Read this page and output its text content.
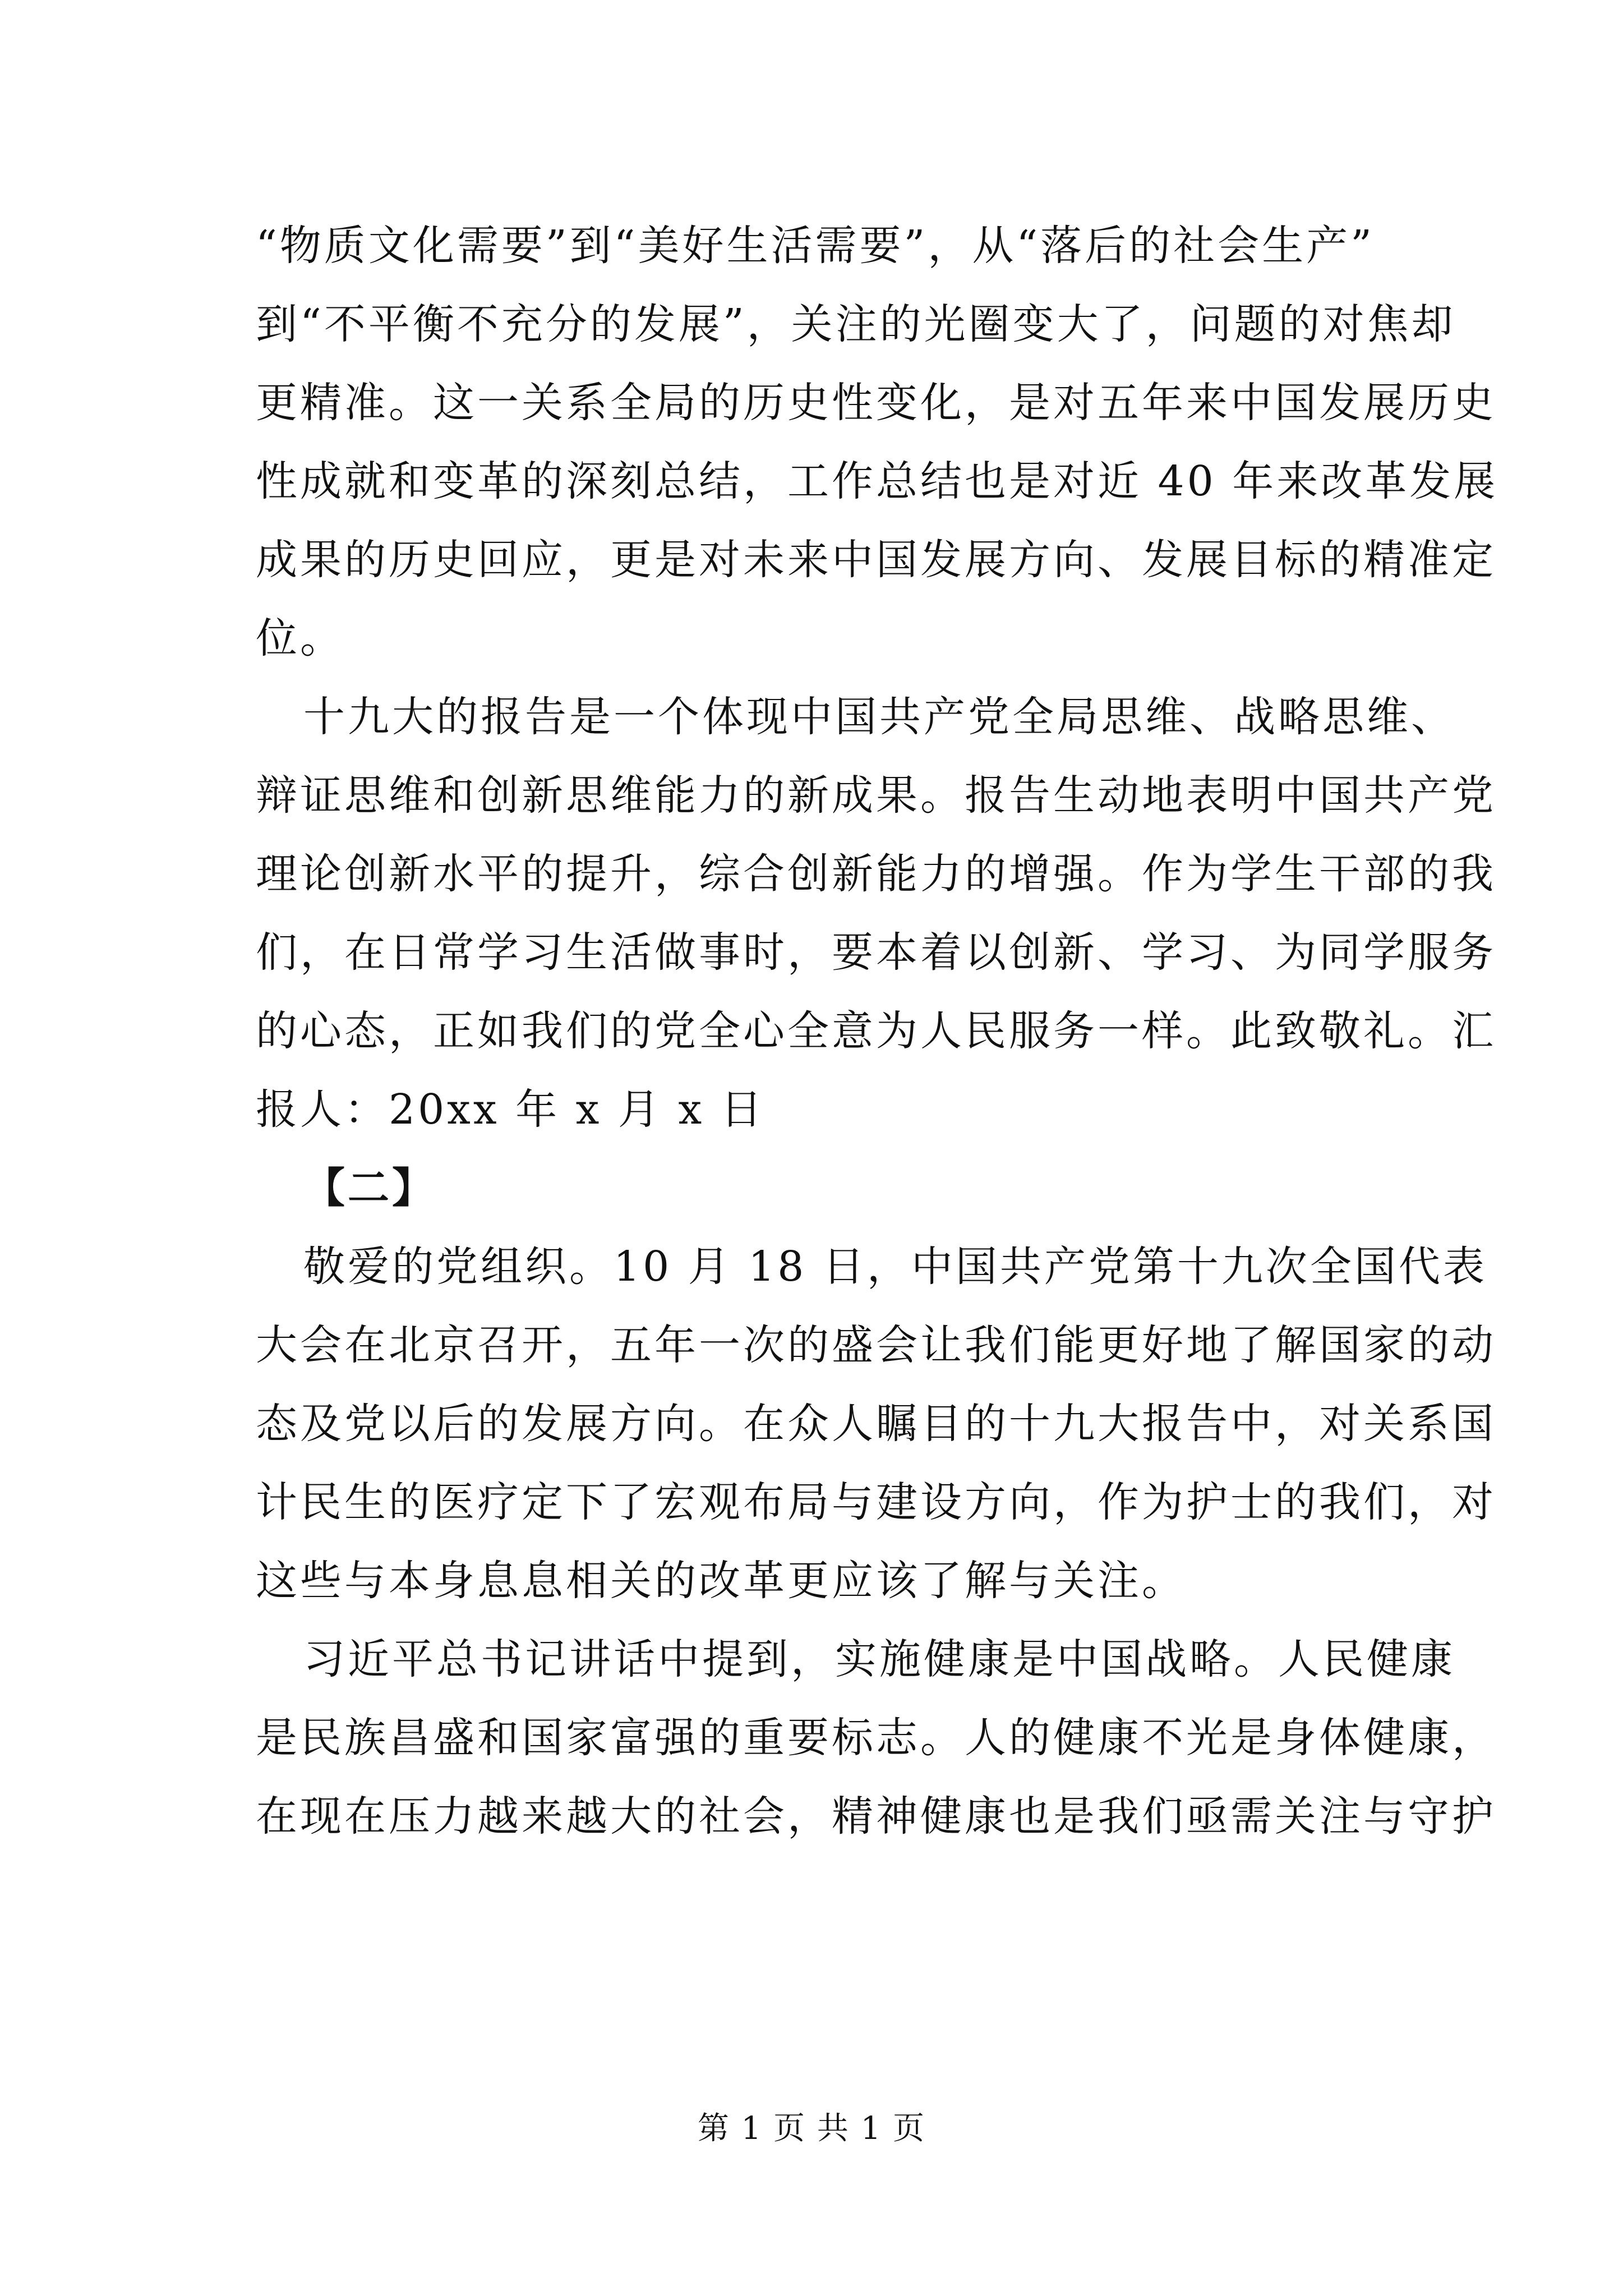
“物质文化需要”到“美好生活需要”，从“落后的社会生产”
到“不平衡不充分的发展”，关注的光圈变大了，问题的对焦却
更精准。这一关系全局的历史性变化，是对五年来中国发展历史
性成就和变革的深刻总结，工作总结也是对近 40 年来改革发展
成果的历史回应，更是对未来中国发展方向、发展目标的精准定
位。
十九大的报告是一个体现中国共产党全局思维、战略思维、
辩证思维和创新思维能力的新成果。报告生动地表明中国共产党
理论创新水平的提升，综合创新能力的增强。作为学生干部的我
们，在日常学习生活做事时，要本着以创新、学习、为同学服务
的心态，正如我们的党全心全意为人民服务一样。此致敬礼。汇
报人：20xx 年 x 月 x 日
【二】
敬爱的党组织。10 月 18 日，中国共产党第十九次全国代表
大会在北京召开，五年一次的盛会让我们能更好地了解国家的动
态及党以后的发展方向。在众人瞩目的十九大报告中，对关系国
计民生的医疗定下了宏观布局与建设方向，作为护士的我们，对
这些与本身息息相关的改革更应该了解与关注。
习近平总书记讲话中提到，实施健康是中国战略。人民健康
是民族昌盛和国家富强的重要标志。人的健康不光是身体健康，
在现在压力越来越大的社会，精神健康也是我们亟需关注与守护
第 1 页 共 1 页
